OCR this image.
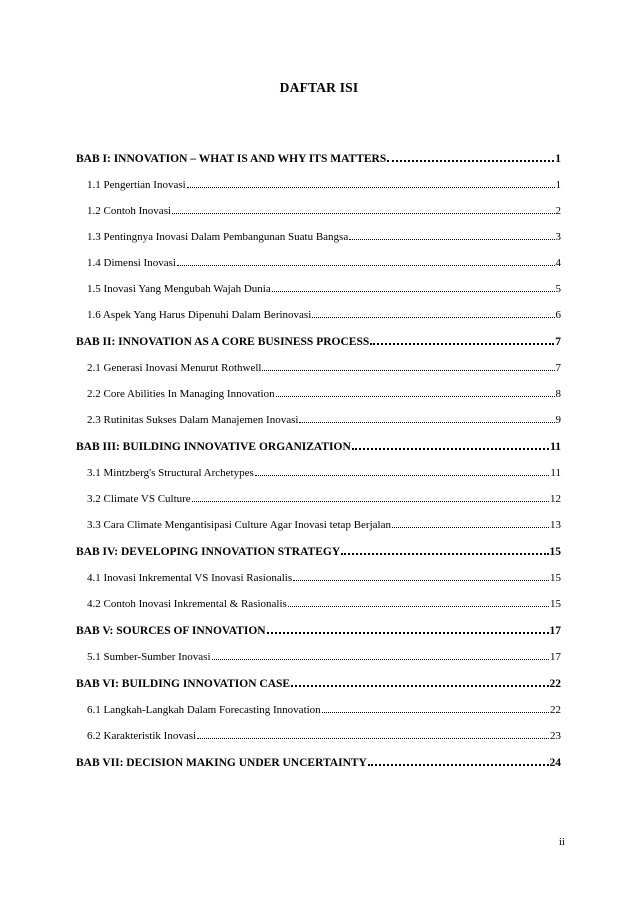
DAFTAR ISI
BAB I: INNOVATION – WHAT IS AND WHY ITS MATTERS	1
1.1 Pengertian Inovasi	1
1.2 Contoh Inovasi	2
1.3 Pentingnya Inovasi Dalam Pembangunan Suatu Bangsa	3
1.4 Dimensi Inovasi	4
1.5 Inovasi Yang Mengubah Wajah Dunia	5
1.6 Aspek Yang Harus Dipenuhi Dalam Berinovasi	6
BAB II: INNOVATION AS A CORE BUSINESS PROCESS	7
2.1 Generasi Inovasi Menurut Rothwell	7
2.2 Core Abilities In Managing Innovation	8
2.3 Rutinitas Sukses Dalam Manajemen Inovasi	9
BAB III: BUILDING INNOVATIVE ORGANIZATION	11
3.1 Mintzberg's Structural Archetypes	11
3.2 Climate VS Culture	12
3.3 Cara Climate Mengantisipasi Culture Agar Inovasi tetap Berjalan	13
BAB IV: DEVELOPING INNOVATION STRATEGY	15
4.1 Inovasi Inkremental VS Inovasi Rasionalis	15
4.2 Contoh Inovasi Inkremental & Rasionalis	15
BAB V: SOURCES OF INNOVATION	17
5.1 Sumber-Sumber Inovasi	17
BAB VI: BUILDING INNOVATION CASE	22
6.1 Langkah-Langkah Dalam Forecasting Innovation	22
6.2 Karakteristik Inovasi	23
BAB VII: DECISION MAKING UNDER UNCERTAINTY	24
ii
